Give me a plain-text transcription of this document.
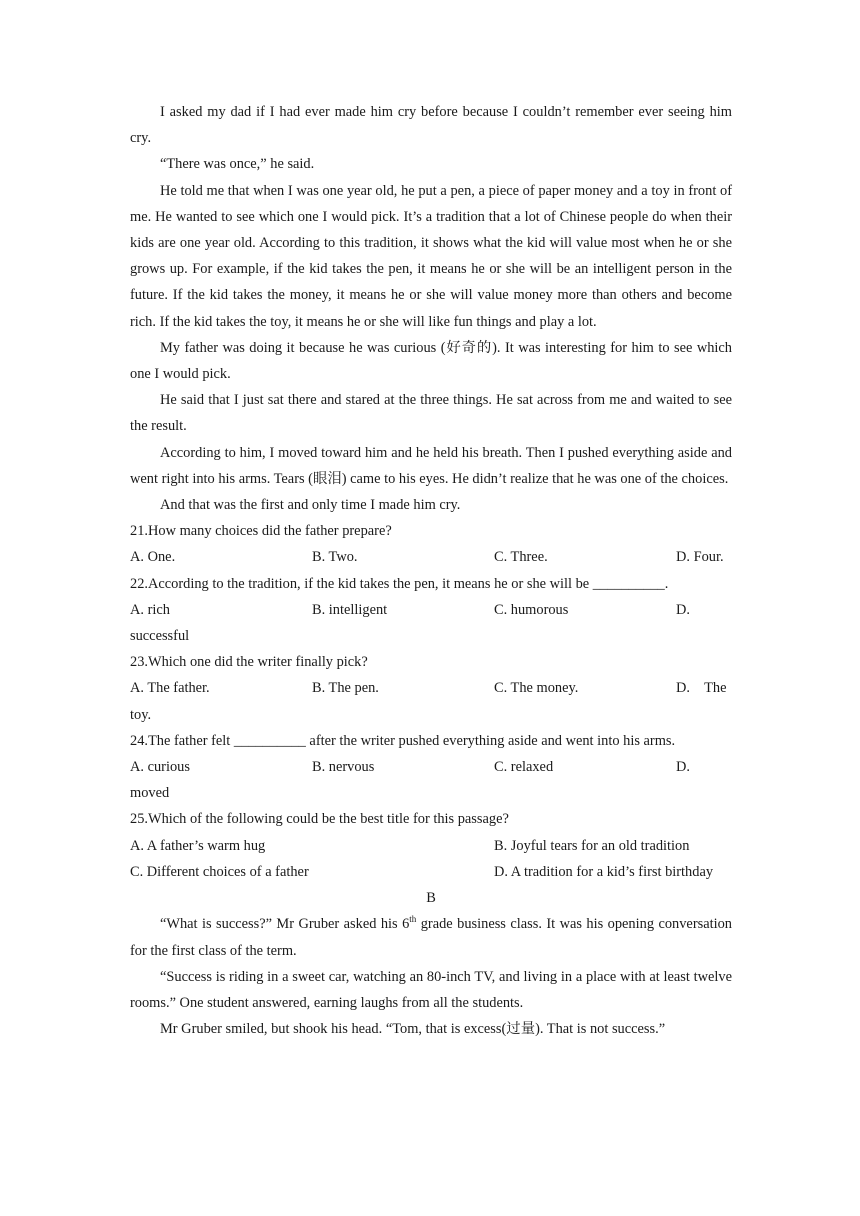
I asked my dad if I had ever made him cry before because I couldn’t remember ever seeing him cry.

“There was once,” he said.

He told me that when I was one year old, he put a pen, a piece of paper money and a toy in front of me. He wanted to see which one I would pick. It’s a tradition that a lot of Chinese people do when their kids are one year old. According to this tradition, it shows what the kid will value most when he or she grows up. For example, if the kid takes the pen, it means he or she will be an intelligent person in the future. If the kid takes the money, it means he or she will value money more than others and become rich. If the kid takes the toy, it means he or she will like fun things and play a lot.

My father was doing it because he was curious (好奇的). It was interesting for him to see which one I would pick.

He said that I just sat there and stared at the three things. He sat across from me and waited to see the result.

According to him, I moved toward him and he held his breath. Then I pushed everything aside and went right into his arms. Tears (眼泪) came to his eyes. He didn’t realize that he was one of the choices.

And that was the first and only time I made him cry.

21.How many choices did the father prepare?

A. One.	B. Two.	C. Three.	D. Four.

22.According to the tradition, if the kid takes the pen, it means he or she will be __________.

A. rich	B. intelligent	C. humorous	D.

successful

23.Which one did the writer finally pick?

A. The father.	B. The pen.	C. The money.	D.    The

toy.

24.The father felt __________ after the writer pushed everything aside and went into his arms.

A. curious	B. nervous	C. relaxed	D.

moved

25.Which of the following could be the best title for this passage?

A. A father’s warm hug	B. Joyful tears for an old tradition
C. Different choices of a father	D. A tradition for a kid’s first birthday

B

“What is success?” Mr Gruber asked his 6th grade business class. It was his opening conversation for the first class of the term.

“Success is riding in a sweet car, watching an 80-inch TV, and living in a place with at least twelve rooms.” One student answered, earning laughs from all the students.

Mr Gruber smiled, but shook his head. “Tom, that is excess(过量). That is not success.”
